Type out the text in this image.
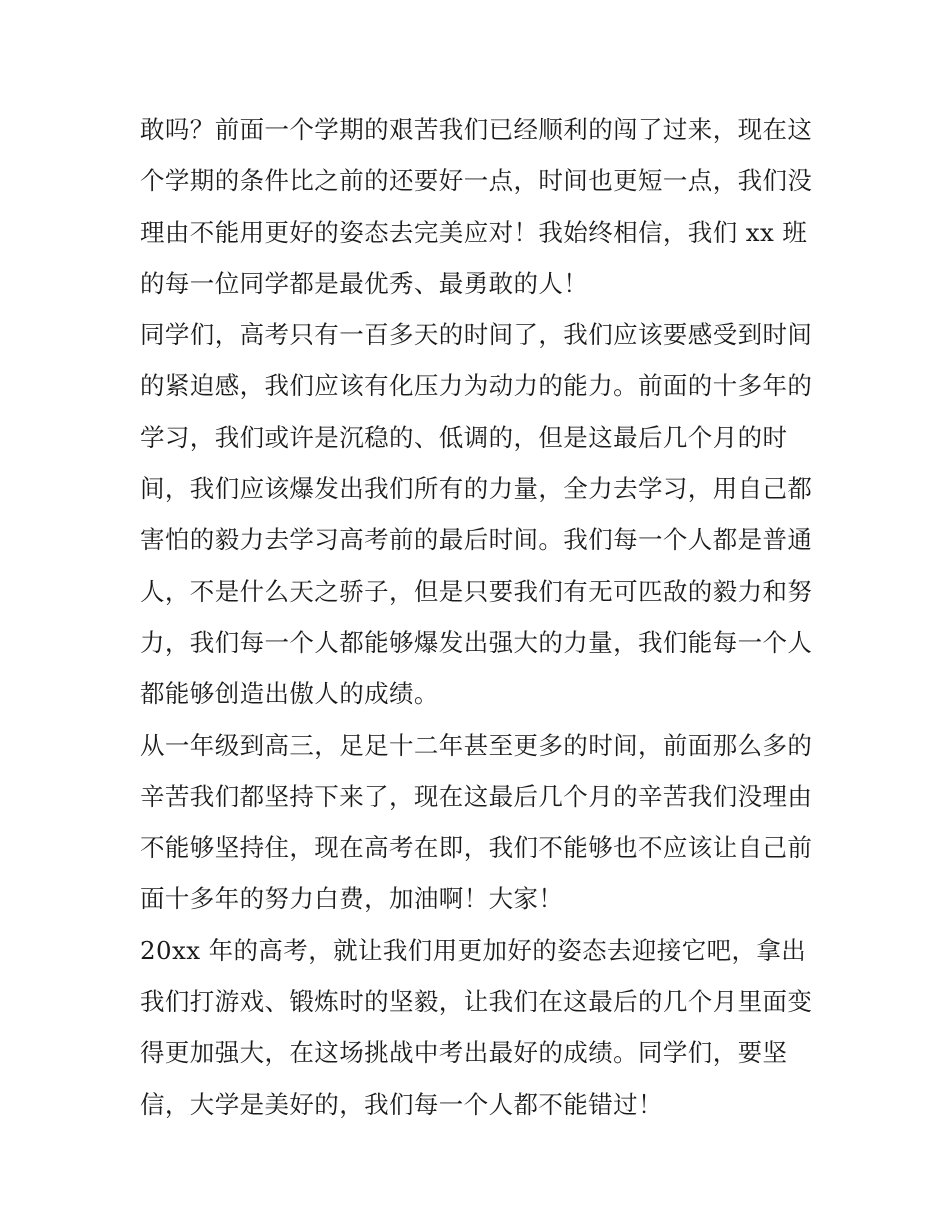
敢吗？前面一个学期的艰苦我们已经顺利的闯了过来，现在这
个学期的条件比之前的还要好一点，时间也更短一点，我们没
理由不能用更好的姿态去完美应对！我始终相信，我们 xx 班
的每一位同学都是最优秀、最勇敢的人！
同学们，高考只有一百多天的时间了，我们应该要感受到时间
的紧迫感，我们应该有化压力为动力的能力。前面的十多年的
学习，我们或许是沉稳的、低调的，但是这最后几个月的时
间，我们应该爆发出我们所有的力量，全力去学习，用自己都
害怕的毅力去学习高考前的最后时间。我们每一个人都是普通
人，不是什么天之骄子，但是只要我们有无可匹敌的毅力和努
力，我们每一个人都能够爆发出强大的力量，我们能每一个人
都能够创造出傲人的成绩。
从一年级到高三，足足十二年甚至更多的时间，前面那么多的
辛苦我们都坚持下来了，现在这最后几个月的辛苦我们没理由
不能够坚持住，现在高考在即，我们不能够也不应该让自己前
面十多年的努力白费，加油啊！大家！
20xx 年的高考，就让我们用更加好的姿态去迎接它吧，拿出
我们打游戏、锻炼时的坚毅，让我们在这最后的几个月里面变
得更加强大，在这场挑战中考出最好的成绩。同学们，要坚
信，大学是美好的，我们每一个人都不能错过！
